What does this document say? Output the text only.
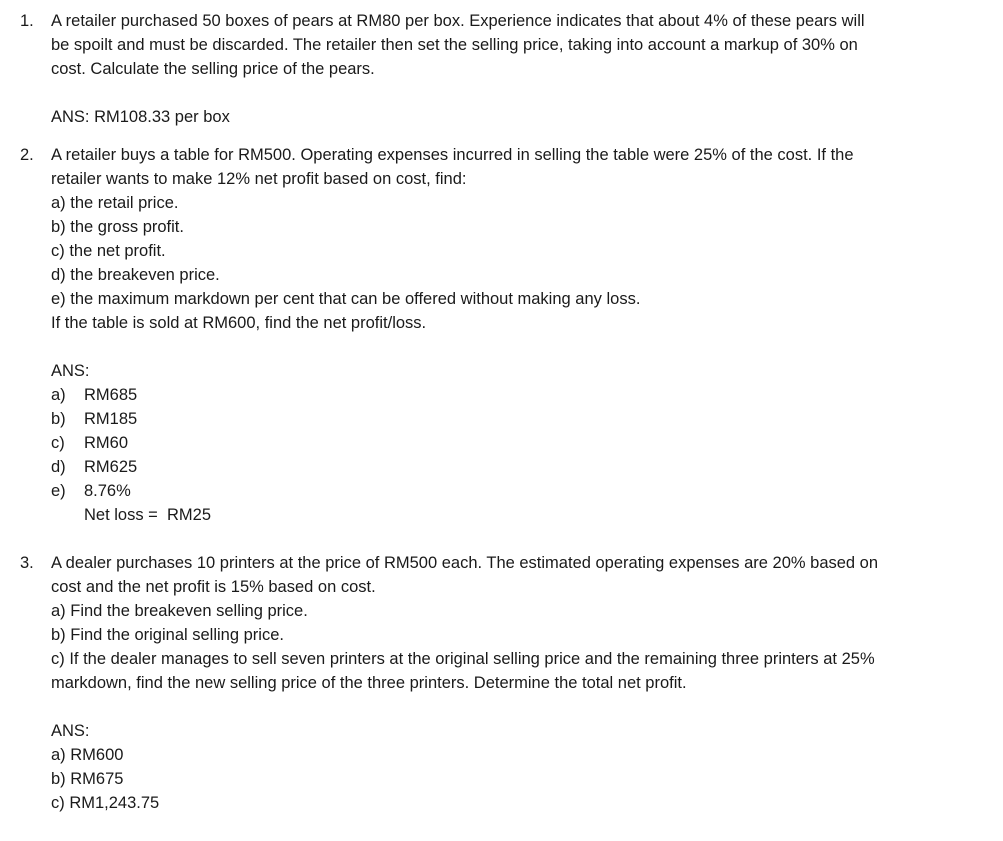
1. A retailer purchased 50 boxes of pears at RM80 per box. Experience indicates that about 4% of these pears will
be spoilt and must be discarded. The retailer then set the selling price, taking into account a markup of 30% on
cost. Calculate the selling price of the pears.
ANS: RM108.33 per box
2. A retailer buys a table for RM500. Operating expenses incurred in selling the table were 25% of the cost. If the
retailer wants to make 12% net profit based on cost, find:
a) the retail price.
b) the gross profit.
c) the net profit.
d) the breakeven price.
e) the maximum markdown per cent that can be offered without making any loss.
If the table is sold at RM600, find the net profit/loss.
ANS:
a) RM685
b) RM185
c) RM60
d) RM625
e) 8.76%
Net loss =  RM25
3. A dealer purchases 10 printers at the price of RM500 each. The estimated operating expenses are 20% based on
cost and the net profit is 15% based on cost.
a) Find the breakeven selling price.
b) Find the original selling price.
c) If the dealer manages to sell seven printers at the original selling price and the remaining three printers at 25%
markdown, find the new selling price of the three printers. Determine the total net profit.
ANS:
a) RM600
b) RM675
c) RM1,243.75
